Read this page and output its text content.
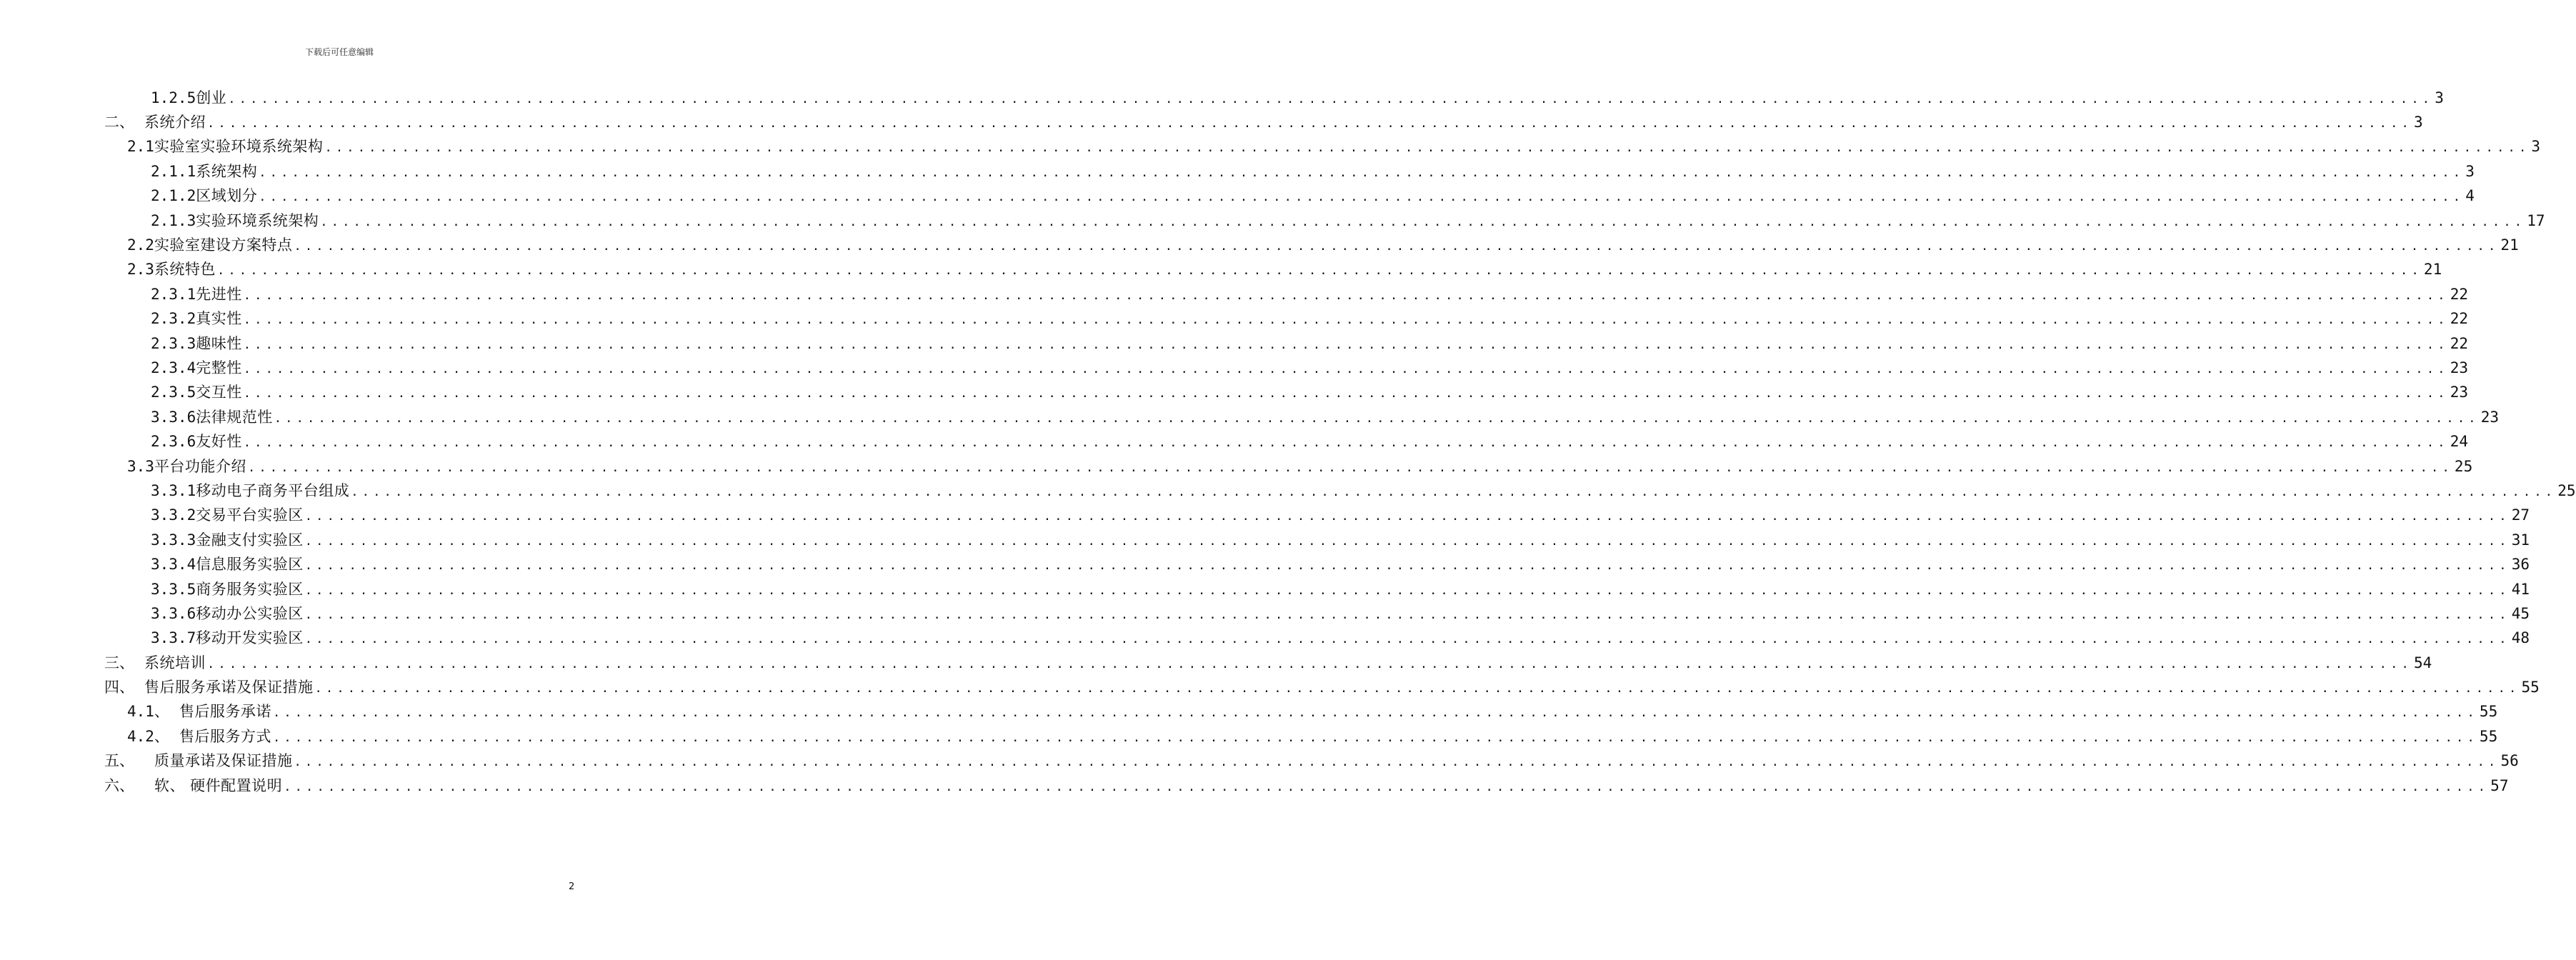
下载后可任意编辑
1.2.5创业 ........................................................................................................................................................................................................ 3
二、 系统介绍 ........................................................................................................................................................................................................ 3
2.1实验室实验环境系统架构 ........................................................................................................................................................................................................ 3
2.1.1系统架构 ........................................................................................................................................................................................................ 3
2.1.2区域划分 ........................................................................................................................................................................................................ 4
2.1.3实验环境系统架构 ........................................................................................................................................................................................................ 17
2.2实验室建设方案特点 ........................................................................................................................................................................................................ 21
2.3系统特色 ........................................................................................................................................................................................................ 21
2.3.1先进性 ........................................................................................................................................................................................................ 22
2.3.2真实性 ........................................................................................................................................................................................................ 22
2.3.3趣味性 ........................................................................................................................................................................................................ 22
2.3.4完整性 ........................................................................................................................................................................................................ 23
2.3.5交互性 ........................................................................................................................................................................................................ 23
3.3.6法律规范性 ........................................................................................................................................................................................................ 23
2.3.6友好性 ........................................................................................................................................................................................................ 24
3.3平台功能介绍 ........................................................................................................................................................................................................ 25
3.3.1移动电子商务平台组成 ........................................................................................................................................................................................................ 25
3.3.2交易平台实验区 ........................................................................................................................................................................................................ 27
3.3.3金融支付实验区 ........................................................................................................................................................................................................ 31
3.3.4信息服务实验区 ........................................................................................................................................................................................................ 36
3.3.5商务服务实验区 ........................................................................................................................................................................................................ 41
3.3.6移动办公实验区 ........................................................................................................................................................................................................ 45
3.3.7移动开发实验区 ........................................................................................................................................................................................................ 48
三、 系统培训 ........................................................................................................................................................................................................ 54
四、 售后服务承诺及保证措施 ........................................................................................................................................................................................................ 55
4.1、 售后服务承诺 ........................................................................................................................................................................................................ 55
4.2、 售后服务方式 ........................................................................................................................................................................................................ 55
五、 质量承诺及保证措施 ........................................................................................................................................................................................................ 56
六、 软、 硬件配置说明 ........................................................................................................................................................................................................ 57
2
